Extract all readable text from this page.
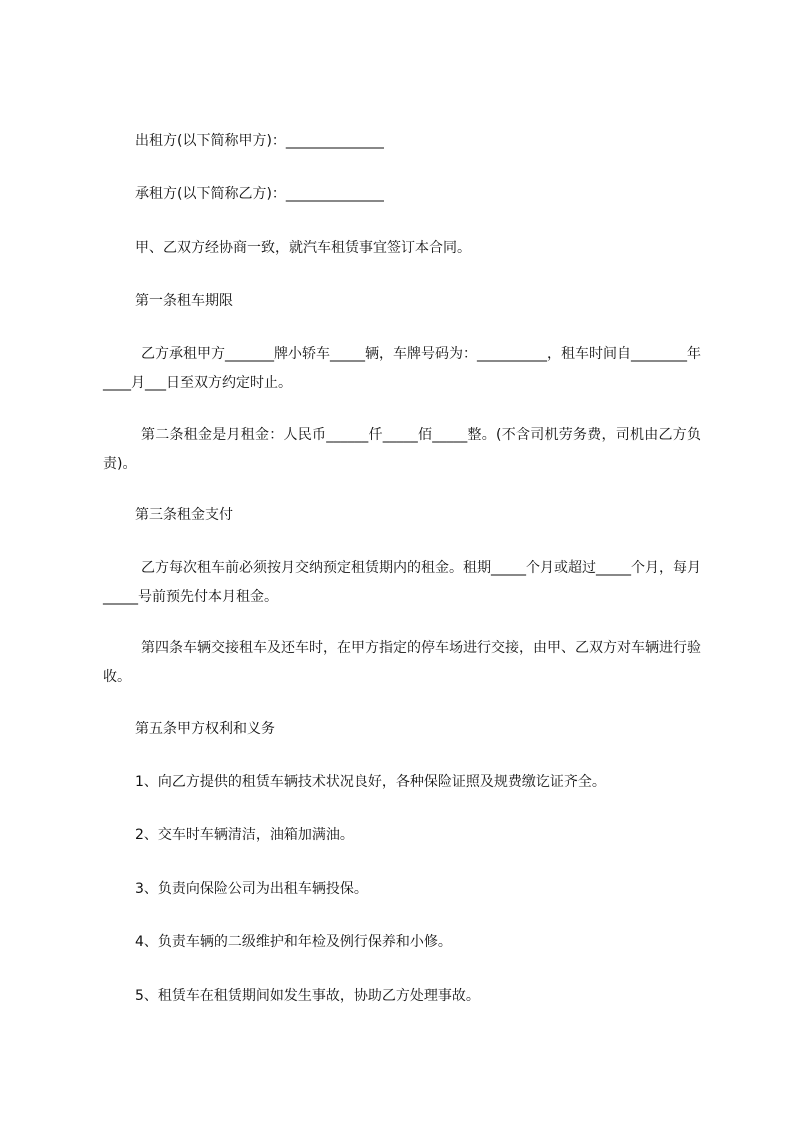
出租方(以下简称甲方)：______________

承租方(以下简称乙方)：______________

甲、乙双方经协商一致，就汽车租赁事宜签订本合同。

第一条租车期限

乙方承租甲方_______牌小轿车_____辆，车牌号码为：__________，租车时间自________年____月___日至双方约定时止。

第二条租金是月租金：人民币______仟_____佰_____整。(不含司机劳务费，司机由乙方负责)。

第三条租金支付

乙方每次租车前必须按月交纳预定租赁期内的租金。租期_____个月或超过_____个月，每月_____号前预先付本月租金。

第四条车辆交接租车及还车时，在甲方指定的停车场进行交接，由甲、乙双方对车辆进行验收。

第五条甲方权利和义务

1、向乙方提供的租赁车辆技术状况良好，各种保险证照及规费缴讫证齐全。

2、交车时车辆清洁，油箱加满油。

3、负责向保险公司为出租车辆投保。

4、负责车辆的二级维护和年检及例行保养和小修。

5、租赁车在租赁期间如发生事故，协助乙方处理事故。
